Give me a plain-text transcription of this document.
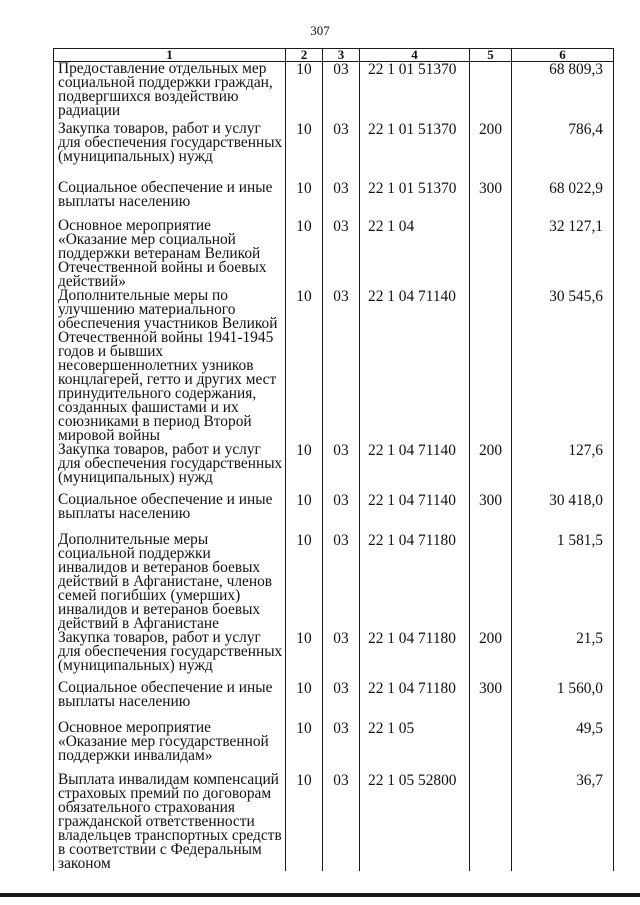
307
1	2	3	4	5	6
Предоставление отдельных мер социальной поддержки граждан, подвергшихся воздействию радиации	10	03	22 1 01 51370		68 809,3

Закупка товаров, работ и услуг для обеспечения государственных (муниципальных) нужд	10	03	22 1 01 51370	200	786,4

Социальное обеспечение и иные выплаты населению	10	03	22 1 01 51370	300	68 022,9

Основное мероприятие «Оказание мер социальной поддержки ветеранам Великой Отечественной войны и боевых действий»	10	03	22 1 04		32 127,1

Дополнительные меры по улучшению материального обеспечения участников Великой Отечественной войны 1941-1945 годов и бывших несовершеннолетних узников концлагерей, гетто и других мест принудительного содержания, созданных фашистами и их союзниками в период Второй мировой войны	10	03	22 1 04 71140		30 545,6

Закупка товаров, работ и услуг для обеспечения государственных (муниципальных) нужд	10	03	22 1 04 71140	200	127,6

Социальное обеспечение и иные выплаты населению	10	03	22 1 04 71140	300	30 418,0

Дополнительные меры социальной поддержки инвалидов и ветеранов боевых действий в Афганистане, членов семей погибших (умерших) инвалидов и ветеранов боевых действий в Афганистане	10	03	22 1 04 71180		1 581,5

Закупка товаров, работ и услуг для обеспечения государственных (муниципальных) нужд	10	03	22 1 04 71180	200	21,5

Социальное обеспечение и иные выплаты населению	10	03	22 1 04 71180	300	1 560,0

Основное мероприятие «Оказание мер государственной поддержки инвалидам»	10	03	22 1 05		49,5

Выплата инвалидам компенсаций страховых премий по договорам обязательного страхования гражданской ответственности владельцев транспортных средств в соответствии с Федеральным законом	10	03	22 1 05 52800		36,7
